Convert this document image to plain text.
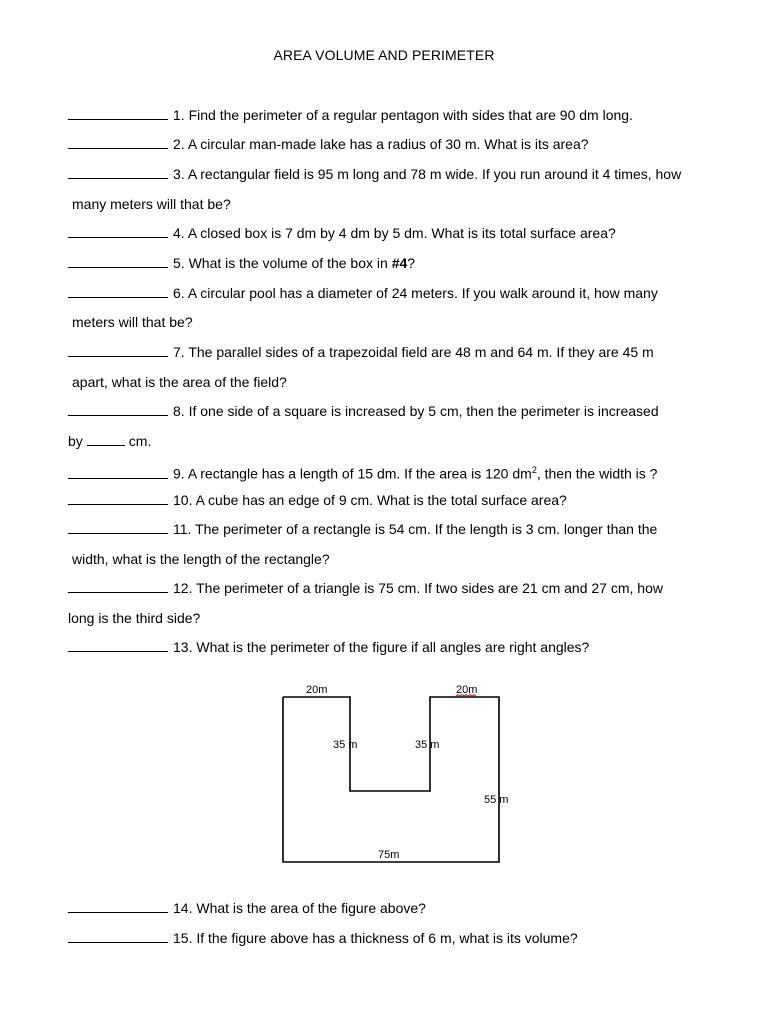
AREA VOLUME AND PERIMETER
1. Find the perimeter of a regular pentagon with sides that are 90 dm long.
2. A circular man-made lake has a radius of 30 m. What is its area?
3. A rectangular field is 95 m long and 78 m wide. If you run around it 4 times, how
many meters will that be?
4. A closed box is 7 dm by 4 dm by 5 dm. What is its total surface area?
5. What is the volume of the box in #4?
6. A circular pool has a diameter of 24 meters. If you walk around it, how many
meters will that be?
7. The parallel sides of a trapezoidal field are 48 m and 64 m. If they are 45 m
apart, what is the area of the field?
8. If one side of a square is increased by 5 cm, then the perimeter is increased
by	cm.
9. A rectangle has a length of 15 dm. If the area is 120 $dm^2$, then the width is ?
10. A cube has an edge of 9 cm. What is the total surface area?
11. The perimeter of a rectangle is 54 cm. If the length is 3 cm. longer than the
width, what is the length of the rectangle?
12. The perimeter of a triangle is 75 cm. If two sides are 21 cm and 27 cm, how
long is the third side?
13. What is the perimeter of the figure if all angles are right angles?
20m	20m
35 m	35 m
55 m
75m
14. What is the area of the figure above?
15. If the figure above has a thickness of 6 m, what is its volume?
